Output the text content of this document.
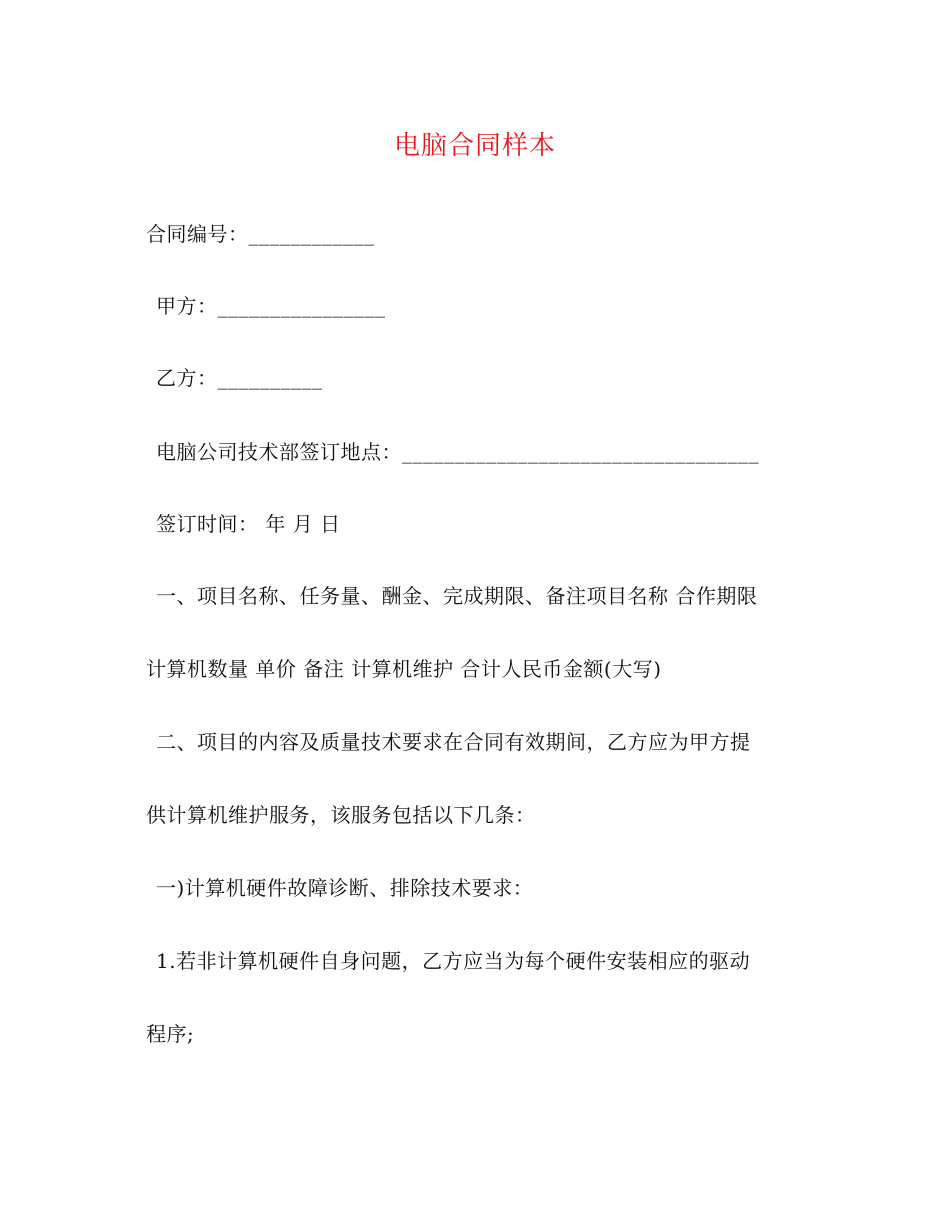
电脑合同样本
合同编号：____________
甲方：________________
乙方：__________
电脑公司技术部签订地点：__________________________________
签订时间： 年 月 日
一、项目名称、任务量、酬金、完成期限、备注项目名称 合作期限
计算机数量 单价 备注 计算机维护 合计人民币金额(大写)
二、项目的内容及质量技术要求在合同有效期间，乙方应为甲方提
供计算机维护服务，该服务包括以下几条：
一)计算机硬件故障诊断、排除技术要求：
1.若非计算机硬件自身问题，乙方应当为每个硬件安装相应的驱动
程序;
